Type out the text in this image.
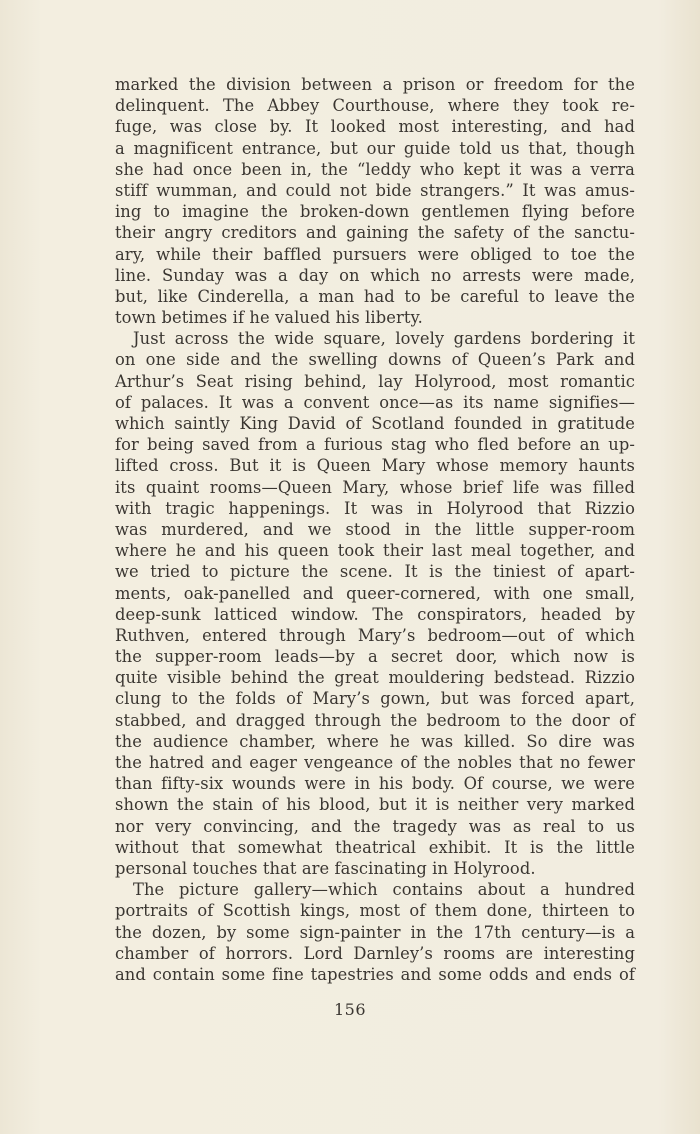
marked the division between a prison or freedom for the
delinquent. The Abbey Courthouse, where they took re-
fuge, was close by. It looked most interesting, and had
a magnificent entrance, but our guide told us that, though
she had once been in, the “leddy who kept it was a verra
stiff wumman, and could not bide strangers.” It was amus-
ing to imagine the broken-down gentlemen flying before
their angry creditors and gaining the safety of the sanctu-
ary, while their baffled pursuers were obliged to toe the
line. Sunday was a day on which no arrests were made,
but, like Cinderella, a man had to be careful to leave the
town betimes if he valued his liberty.
Just across the wide square, lovely gardens bordering it
on one side and the swelling downs of Queen’s Park and
Arthur’s Seat rising behind, lay Holyrood, most romantic
of palaces. It was a convent once—as its name signifies—
which saintly King David of Scotland founded in gratitude
for being saved from a furious stag who fled before an up-
lifted cross. But it is Queen Mary whose memory haunts
its quaint rooms—Queen Mary, whose brief life was filled
with tragic happenings. It was in Holyrood that Rizzio
was murdered, and we stood in the little supper-room
where he and his queen took their last meal together, and
we tried to picture the scene. It is the tiniest of apart-
ments, oak-panelled and queer-cornered, with one small,
deep-sunk latticed window. The conspirators, headed by
Ruthven, entered through Mary’s bedroom—out of which
the supper-room leads—by a secret door, which now is
quite visible behind the great mouldering bedstead. Rizzio
clung to the folds of Mary’s gown, but was forced apart,
stabbed, and dragged through the bedroom to the door of
the audience chamber, where he was killed. So dire was
the hatred and eager vengeance of the nobles that no fewer
than fifty-six wounds were in his body. Of course, we were
shown the stain of his blood, but it is neither very marked
nor very convincing, and the tragedy was as real to us
without that somewhat theatrical exhibit. It is the little
personal touches that are fascinating in Holyrood.
The picture gallery—which contains about a hundred
portraits of Scottish kings, most of them done, thirteen to
the dozen, by some sign-painter in the 17th century—is a
chamber of horrors. Lord Darnley’s rooms are interesting
and contain some fine tapestries and some odds and ends of
156
